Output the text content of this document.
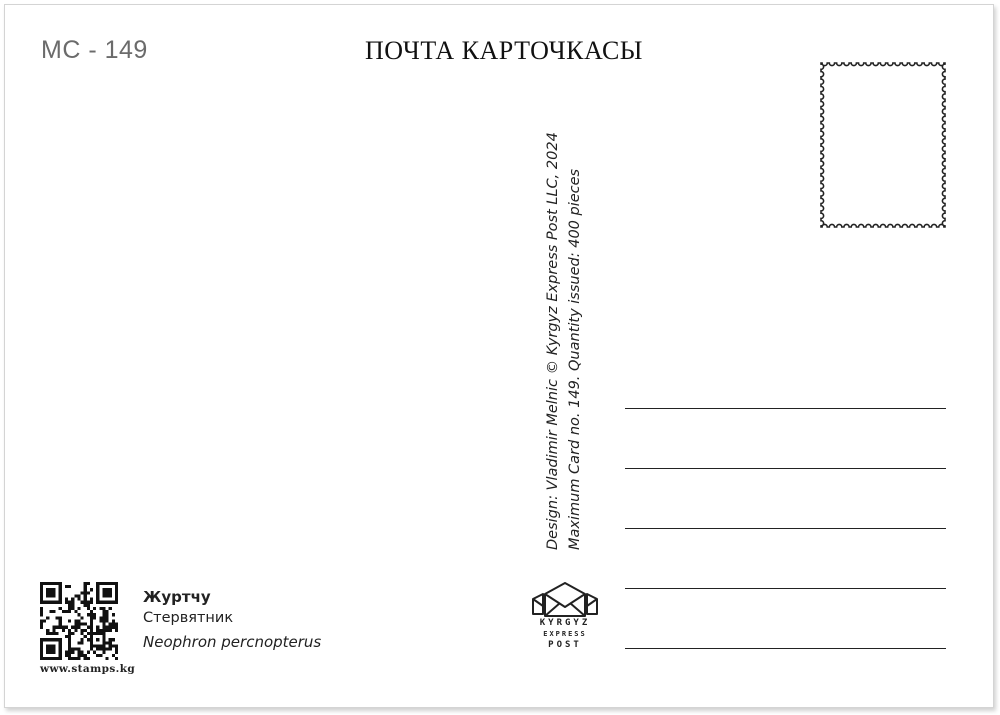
MC - 149	ПОЧТА КАРТОЧКАСЫ
Design: Vladimir Melnic © Kyrgyz Express Post LLC, 2024 Maximum Card no. 149. Quantity issued: 400 pieces
KYRGYZ
EXPRESS
POST
www.stamps.kg
Журтчу
Стервятник
Neophron percnopterus
